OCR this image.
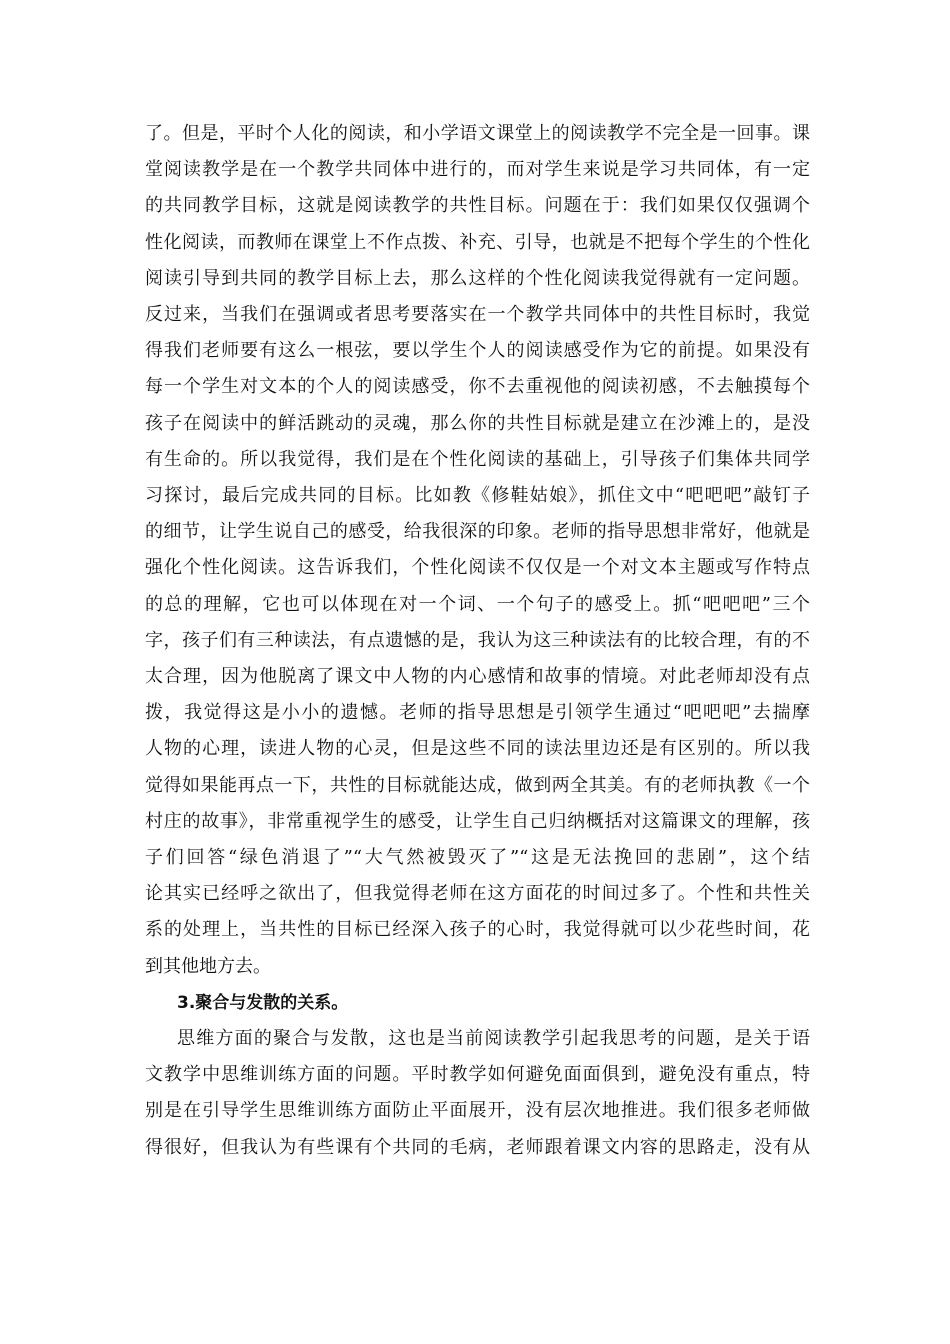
了。但是，平时个人化的阅读，和小学语文课堂上的阅读教学不完全是一回事。课
堂阅读教学是在一个教学共同体中进行的，而对学生来说是学习共同体，有一定
的共同教学目标，这就是阅读教学的共性目标。问题在于：我们如果仅仅强调个
性化阅读，而教师在课堂上不作点拨、补充、引导，也就是不把每个学生的个性化
阅读引导到共同的教学目标上去，那么这样的个性化阅读我觉得就有一定问题。
反过来，当我们在强调或者思考要落实在一个教学共同体中的共性目标时，我觉
得我们老师要有这么一根弦，要以学生个人的阅读感受作为它的前提。如果没有
每一个学生对文本的个人的阅读感受，你不去重视他的阅读初感，不去触摸每个
孩子在阅读中的鲜活跳动的灵魂，那么你的共性目标就是建立在沙滩上的，是没
有生命的。所以我觉得，我们是在个性化阅读的基础上，引导孩子们集体共同学
习探讨，最后完成共同的目标。比如教《修鞋姑娘》，抓住文中“吧吧吧”敲钉子
的细节，让学生说自己的感受，给我很深的印象。老师的指导思想非常好，他就是
强化个性化阅读。这告诉我们，个性化阅读不仅仅是一个对文本主题或写作特点
的总的理解，它也可以体现在对一个词、一个句子的感受上。抓“吧吧吧”三个
字，孩子们有三种读法，有点遗憾的是，我认为这三种读法有的比较合理，有的不
太合理，因为他脱离了课文中人物的内心感情和故事的情境。对此老师却没有点
拨，我觉得这是小小的遗憾。老师的指导思想是引领学生通过“吧吧吧”去揣摩
人物的心理，读进人物的心灵，但是这些不同的读法里边还是有区别的。所以我
觉得如果能再点一下，共性的目标就能达成，做到两全其美。有的老师执教《一个
村庄的故事》，非常重视学生的感受，让学生自己归纳概括对这篇课文的理解，孩
子们回答“绿色消退了”“大气然被毁灭了”“这是无法挽回的悲剧”，这个结
论其实已经呼之欲出了，但我觉得老师在这方面花的时间过多了。个性和共性关
系的处理上，当共性的目标已经深入孩子的心时，我觉得就可以少花些时间，花
到其他地方去。
3.聚合与发散的关系。
思维方面的聚合与发散，这也是当前阅读教学引起我思考的问题，是关于语
文教学中思维训练方面的问题。平时教学如何避免面面俱到，避免没有重点，特
别是在引导学生思维训练方面防止平面展开，没有层次地推进。我们很多老师做
得很好，但我认为有些课有个共同的毛病，老师跟着课文内容的思路走，没有从
